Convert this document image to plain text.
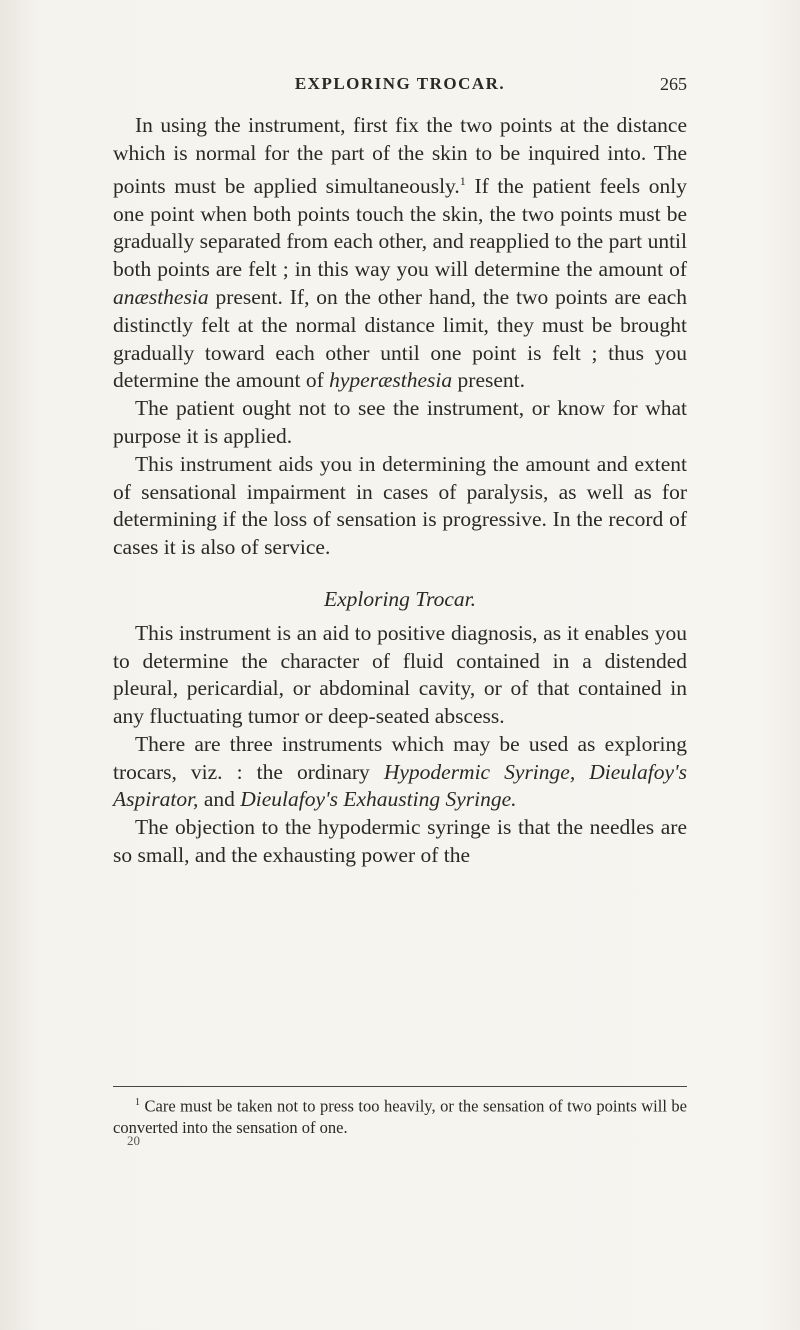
EXPLORING TROCAR.	265

In using the instrument, first fix the two points at the distance which is normal for the part of the skin to be inquired into. The points must be applied simultaneously.$^1$ If the patient feels only one point when both points touch the skin, the two points must be gradually separated from each other, and reapplied to the part until both points are felt ; in this way you will determine the amount of anæsthesia present. If, on the other hand, the two points are each distinctly felt at the normal distance limit, they must be brought gradually toward each other until one point is felt ; thus you determine the amount of hyperæsthesia present.

The patient ought not to see the instrument, or know for what purpose it is applied.

This instrument aids you in determining the amount and extent of sensational impairment in cases of paralysis, as well as for determining if the loss of sensation is progressive. In the record of cases it is also of service.

Exploring Trocar.

This instrument is an aid to positive diagnosis, as it enables you to determine the character of fluid contained in a distended pleural, pericardial, or abdominal cavity, or of that contained in any fluctuating tumor or deep-seated abscess.

There are three instruments which may be used as exploring trocars, viz. : the ordinary Hypodermic Syringe, Dieulafoy's Aspirator, and Dieulafoy's Exhausting Syringe.

The objection to the hypodermic syringe is that the needles are so small, and the exhausting power of the

$^1$ Care must be taken not to press too heavily, or the sensation of two points will be converted into the sensation of one.
20
